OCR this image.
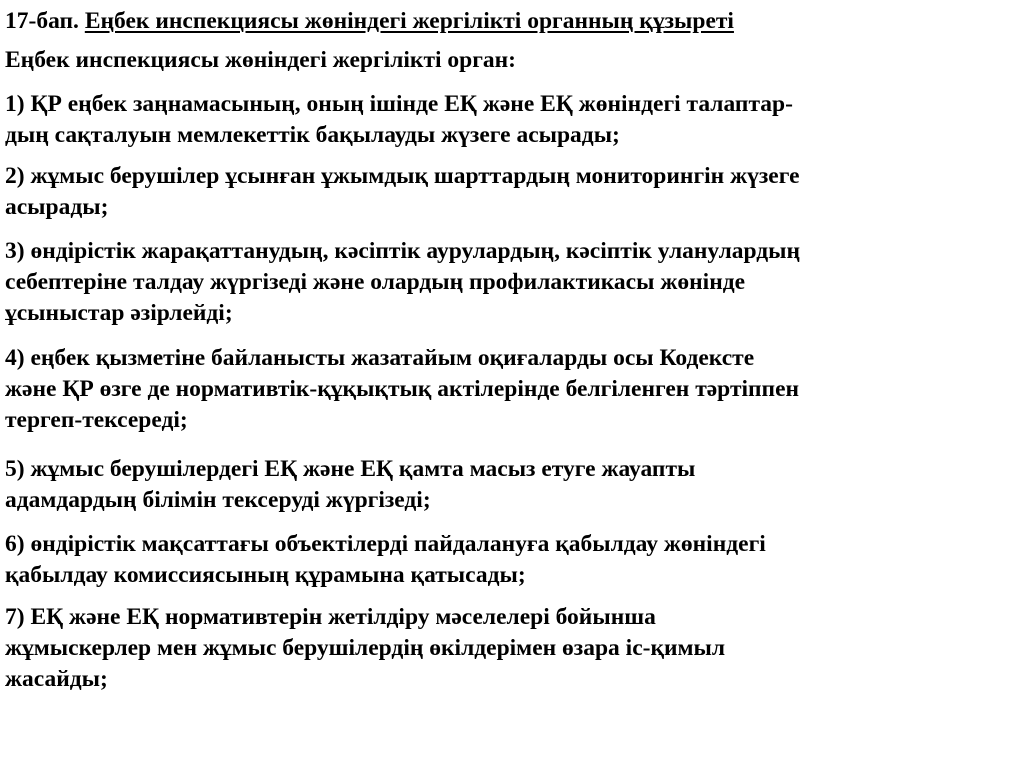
17-бап. Еңбек инспекциясы жөніндегі жергілікті органның құзыреті
Еңбек инспекциясы жөніндегі жергілікті орган:
1) ҚР еңбек заңнамасының, оның ішінде ЕҚ және ЕҚ жөніндегі талаптар-
дың сақталуын мемлекеттік бақылауды жүзеге асырады;
2) жұмыс берушілер ұсынған ұжымдық шарттардың мониторингін жүзеге
асырады;
3) өндірістік жарақаттанудың, кәсіптік аурулардың, кәсіптік уланулардың
себептеріне талдау жүргізеді және олардың профилактикасы жөнінде
ұсыныстар әзірлейді;
4) еңбек қызметіне байланысты жазатайым оқиғаларды осы Кодексте
және ҚР өзге де нормативтік-құқықтық актілерінде белгіленген тәртіппен
тергеп-тексереді;
5) жұмыс берушілердегі ЕҚ және ЕҚ қамта масыз етуге жауапты
адамдардың білімін тексеруді жүргізеді;
6) өндірістік мақсаттағы объектілерді пайдалануға қабылдау жөніндегі
қабылдау комиссиясының құрамына қатысады;
7) ЕҚ және ЕҚ нормативтерін жетілдіру мәселелері бойынша
жұмыскерлер мен жұмыс берушілердің өкілдерімен өзара іс-қимыл
жасайды;
